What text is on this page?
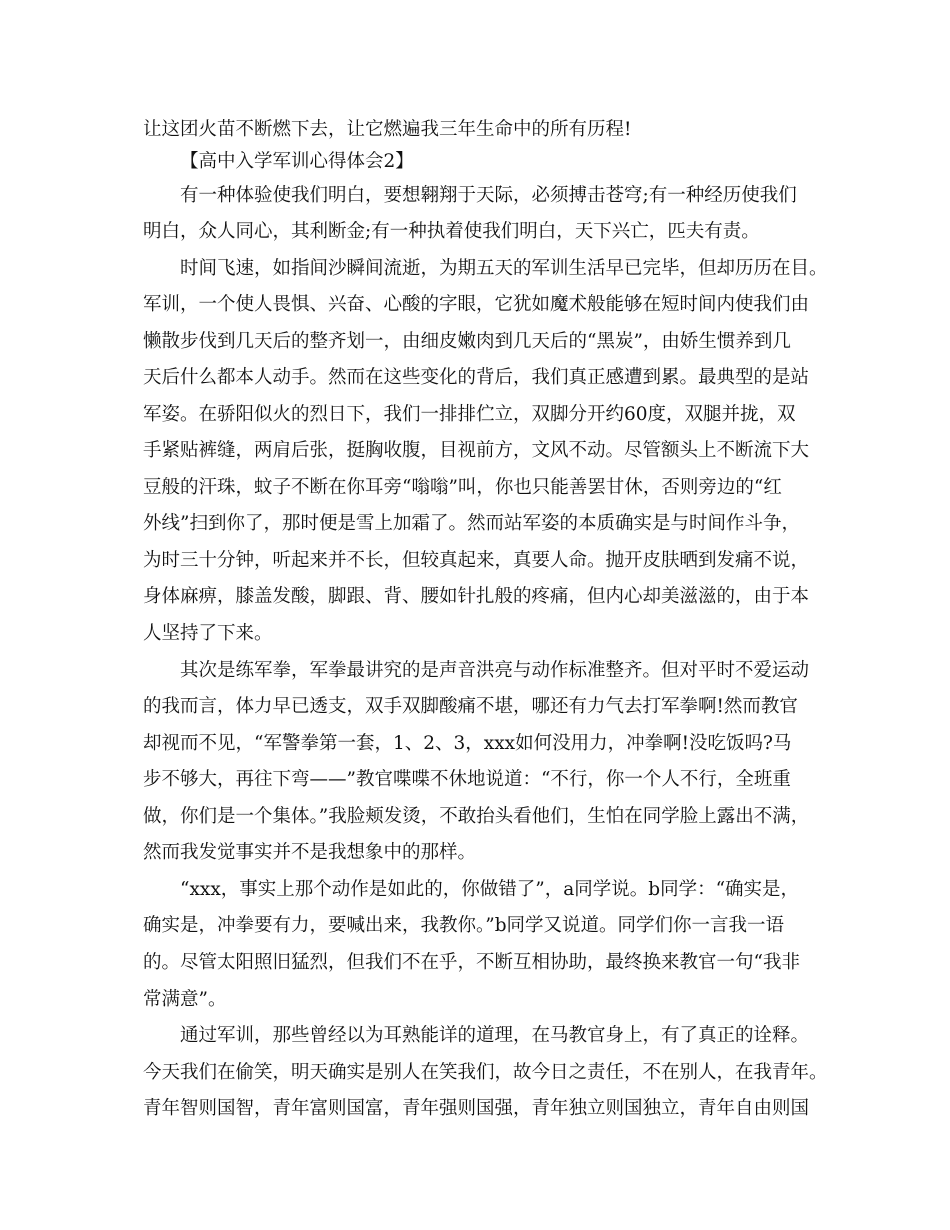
让这团火苗不断燃下去，让它燃遍我三年生命中的所有历程!
【高中入学军训心得体会2】
有一种体验使我们明白，要想翱翔于天际，必须搏击苍穹;有一种经历使我们
明白，众人同心，其利断金;有一种执着使我们明白，天下兴亡，匹夫有责。
时间飞速，如指间沙瞬间流逝，为期五天的军训生活早已完毕，但却历历在目。
军训，一个使人畏惧、兴奋、心酸的字眼，它犹如魔术般能够在短时间内使我们由
懒散步伐到几天后的整齐划一，由细皮嫩肉到几天后的“黑炭”，由娇生惯养到几
天后什么都本人动手。然而在这些变化的背后，我们真正感遭到累。最典型的是站
军姿。在骄阳似火的烈日下，我们一排排伫立，双脚分开约60度，双腿并拢，双
手紧贴裤缝，两肩后张，挺胸收腹，目视前方，文风不动。尽管额头上不断流下大
豆般的汗珠，蚊子不断在你耳旁“嗡嗡”叫，你也只能善罢甘休，否则旁边的“红
外线”扫到你了，那时便是雪上加霜了。然而站军姿的本质确实是与时间作斗争，
为时三十分钟，听起来并不长，但较真起来，真要人命。抛开皮肤晒到发痛不说，
身体麻痹，膝盖发酸，脚跟、背、腰如针扎般的疼痛，但内心却美滋滋的，由于本
人坚持了下来。
其次是练军拳，军拳最讲究的是声音洪亮与动作标准整齐。但对平时不爱运动
的我而言，体力早已透支，双手双脚酸痛不堪，哪还有力气去打军拳啊!然而教官
却视而不见，“军警拳第一套，1、2、3，xxx如何没用力，冲拳啊!没吃饭吗?马
步不够大，再往下弯——”教官喋喋不休地说道：“不行，你一个人不行，全班重
做，你们是一个集体。”我脸颊发烫，不敢抬头看他们，生怕在同学脸上露出不满，
然而我发觉事实并不是我想象中的那样。
“xxx，事实上那个动作是如此的，你做错了”，a同学说。b同学：“确实是，
确实是，冲拳要有力，要喊出来，我教你。”b同学又说道。同学们你一言我一语
的。尽管太阳照旧猛烈，但我们不在乎，不断互相协助，最终换来教官一句“我非
常满意”。
通过军训，那些曾经以为耳熟能详的道理，在马教官身上，有了真正的诠释。
今天我们在偷笑，明天确实是别人在笑我们，故今日之责任，不在别人，在我青年。
青年智则国智，青年富则国富，青年强则国强，青年独立则国独立，青年自由则国
